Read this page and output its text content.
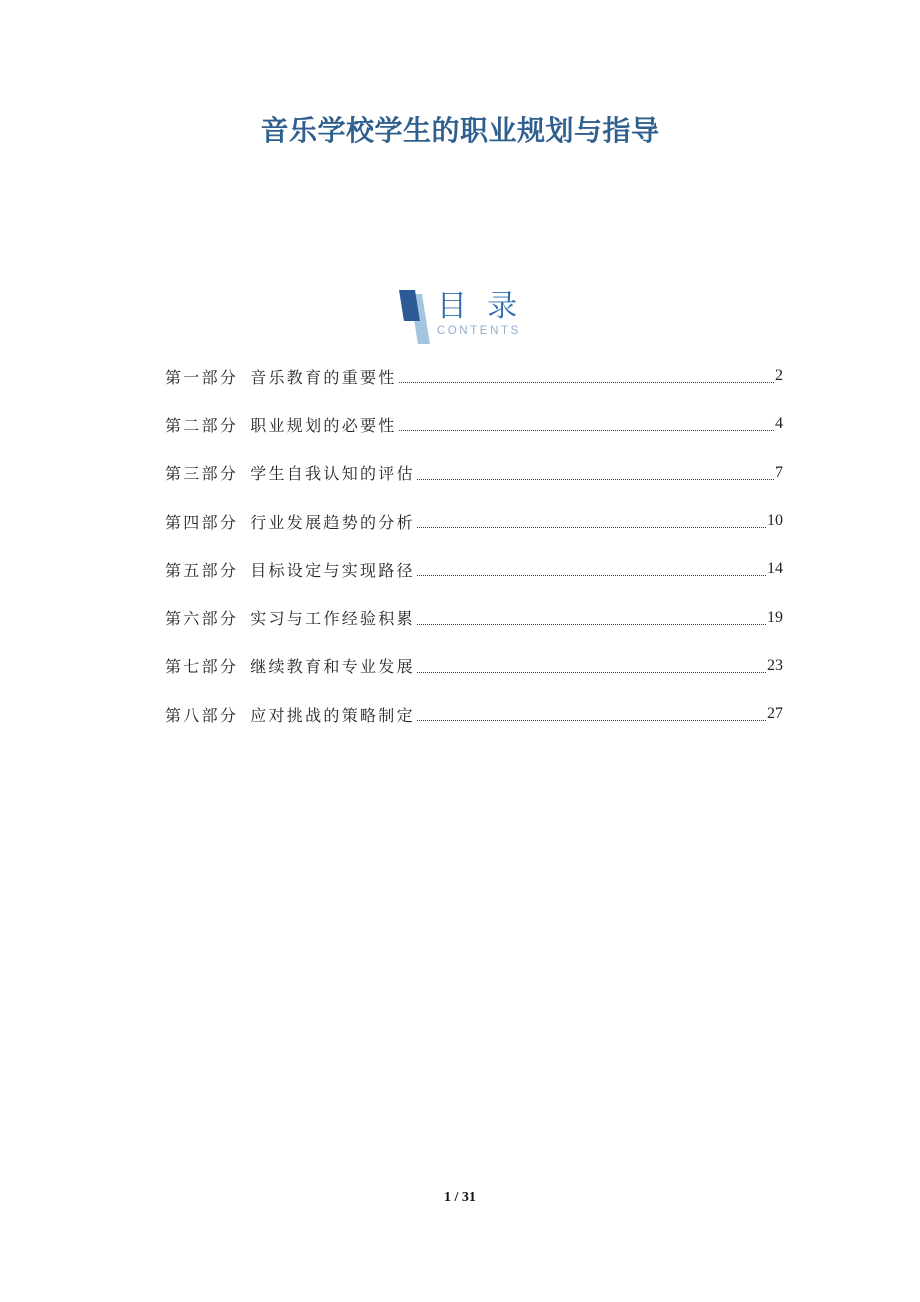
音乐学校学生的职业规划与指导
目 录
CONTENTS
第一部分 音乐教育的重要性	2
第二部分 职业规划的必要性	4
第三部分 学生自我认知的评估	7
第四部分 行业发展趋势的分析	10
第五部分 目标设定与实现路径	14
第六部分 实习与工作经验积累	19
第七部分 继续教育和专业发展	23
第八部分 应对挑战的策略制定	27
1 / 31
